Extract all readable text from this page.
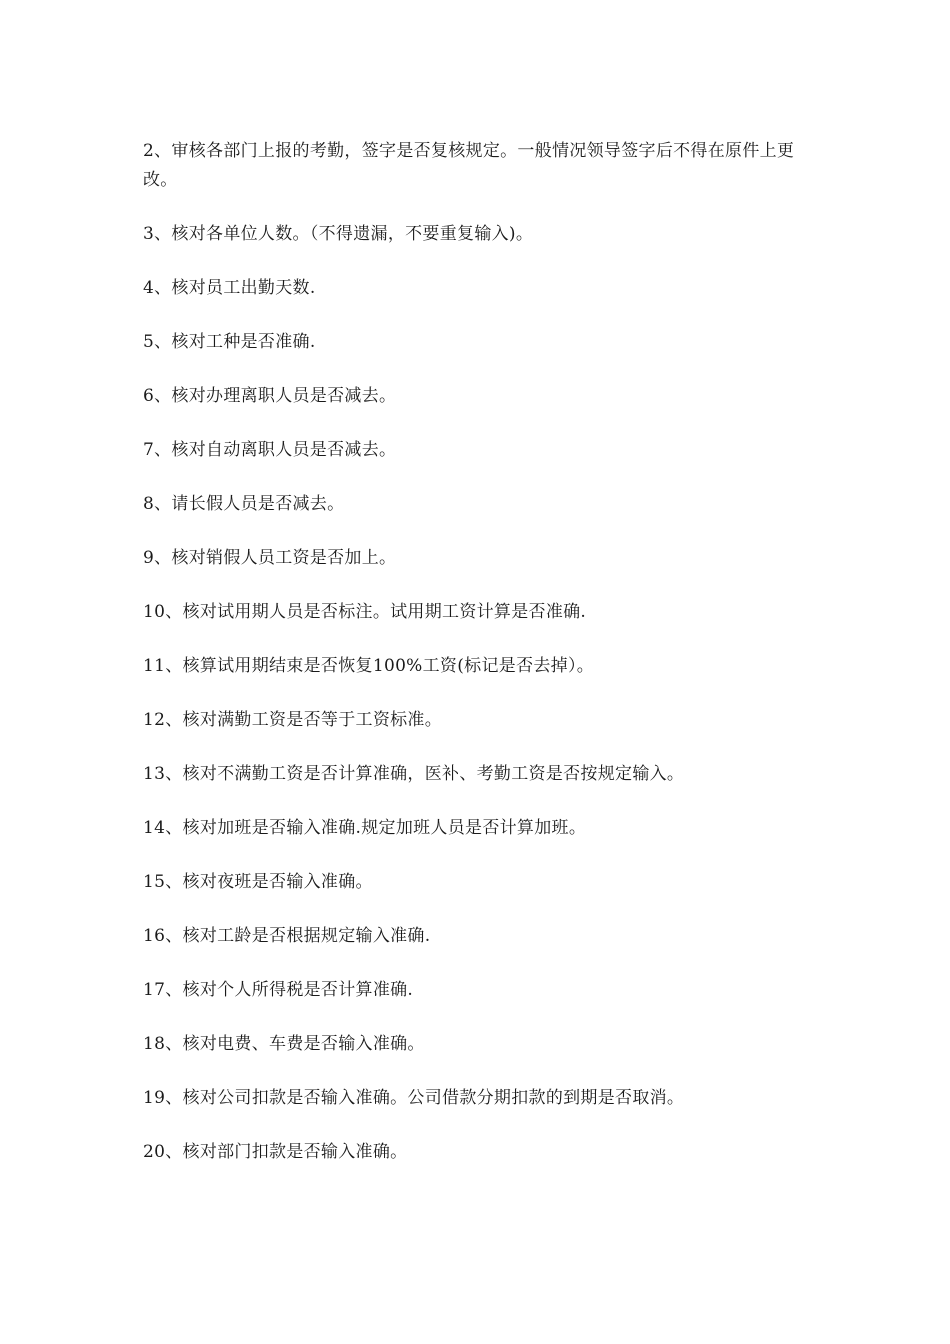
2、审核各部门上报的考勤，签字是否复核规定。一般情况领导签字后不得在原件上更改。

3、核对各单位人数。（不得遗漏，不要重复输入)。

4、核对员工出勤天数.

5、核对工种是否准确.

6、核对办理离职人员是否减去。

7、核对自动离职人员是否减去。

8、请长假人员是否减去。

9、核对销假人员工资是否加上。

10、核对试用期人员是否标注。试用期工资计算是否准确.

11、核算试用期结束是否恢复100%工资(标记是否去掉）。

12、核对满勤工资是否等于工资标准。

13、核对不满勤工资是否计算准确，医补、考勤工资是否按规定输入。

14、核对加班是否输入准确.规定加班人员是否计算加班。

15、核对夜班是否输入准确。

16、核对工龄是否根据规定输入准确.

17、核对个人所得税是否计算准确.

18、核对电费、车费是否输入准确。

19、核对公司扣款是否输入准确。公司借款分期扣款的到期是否取消。

20、核对部门扣款是否输入准确。
